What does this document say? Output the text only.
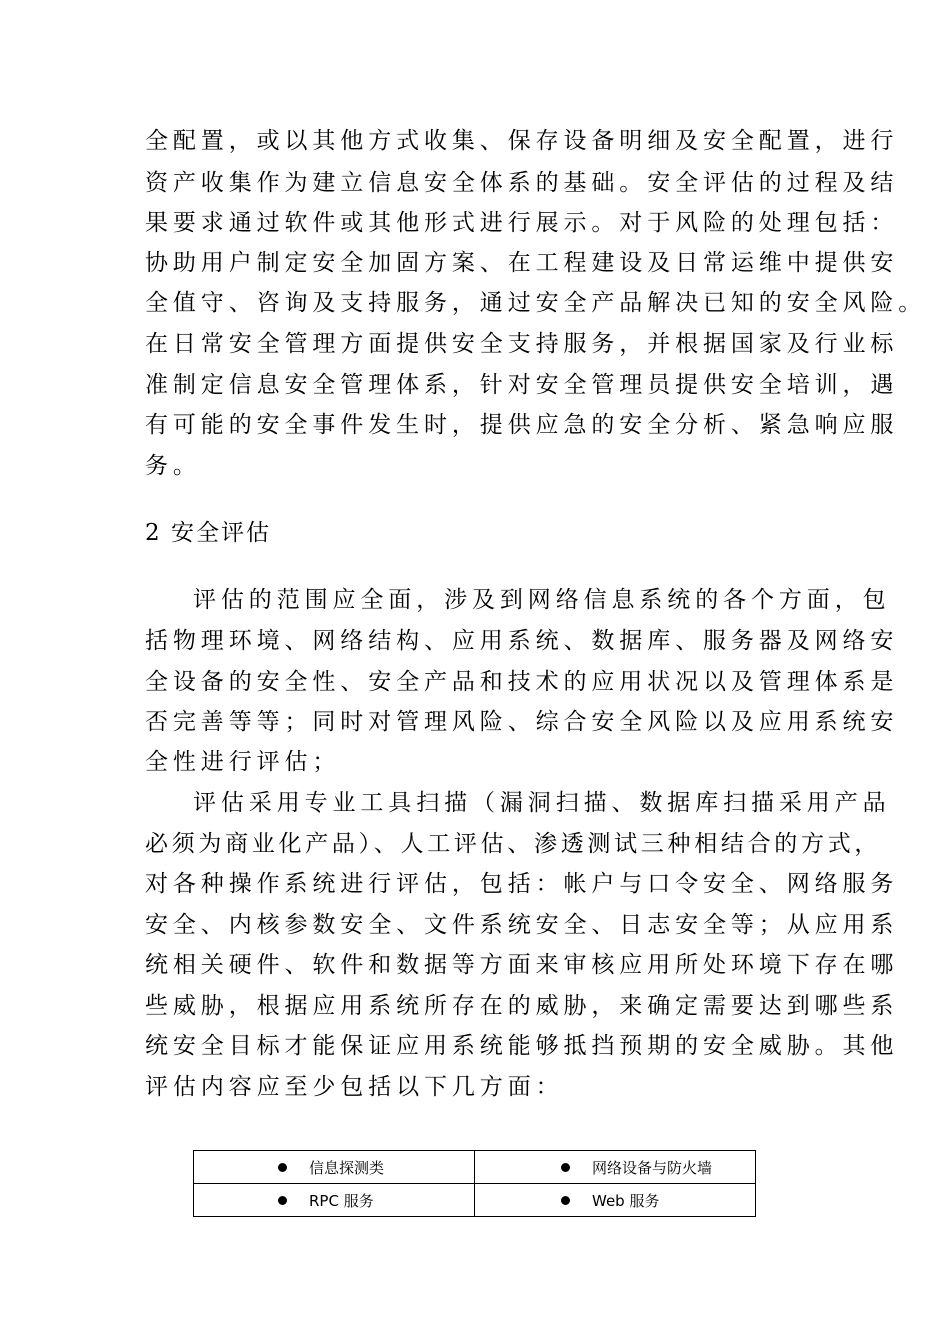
全配置，或以其他方式收集、保存设备明细及安全配置，进行
资产收集作为建立信息安全体系的基础。安全评估的过程及结
果要求通过软件或其他形式进行展示。对于风险的处理包括：
协助用户制定安全加固方案、在工程建设及日常运维中提供安
全值守、咨询及支持服务，通过安全产品解决已知的安全风险。
在日常安全管理方面提供安全支持服务，并根据国家及行业标
准制定信息安全管理体系，针对安全管理员提供安全培训，遇
有可能的安全事件发生时，提供应急的安全分析、紧急响应服
务。
2 安全评估
评估的范围应全面，涉及到网络信息系统的各个方面，包
括物理环境、网络结构、应用系统、数据库、服务器及网络安
全设备的安全性、安全产品和技术的应用状况以及管理体系是
否完善等等；同时对管理风险、综合安全风险以及应用系统安
全性进行评估；
评估采用专业工具扫描（漏洞扫描、数据库扫描采用产品
必须为商业化产品）、人工评估、渗透测试三种相结合的方式，
对各种操作系统进行评估，包括：帐户与口令安全、网络服务
安全、内核参数安全、文件系统安全、日志安全等；从应用系
统相关硬件、软件和数据等方面来审核应用所处环境下存在哪
些威胁，根据应用系统所存在的威胁，来确定需要达到哪些系
统安全目标才能保证应用系统能够抵挡预期的安全威胁。其他
评估内容应至少包括以下几方面：
信息探测类	网络设备与防火墙

RPC 服务	Web 服务
